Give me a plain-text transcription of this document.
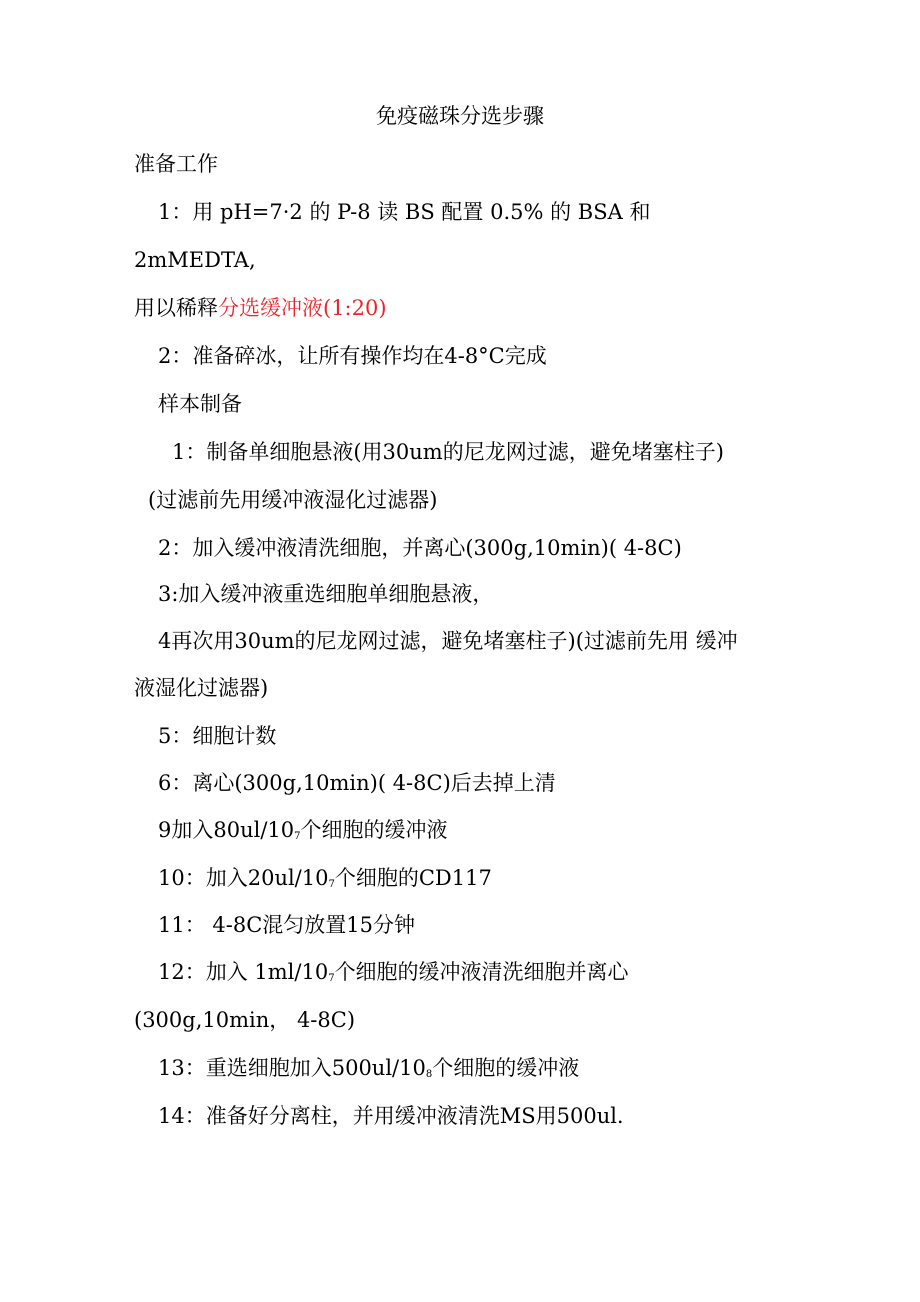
免疫磁珠分选步骤
准备工作
1：用 pH=7·2 的 P-8 读 BS 配置 0.5% 的 BSA 和
2mMEDTA,
用以稀释分选缓冲液(1:20)
2：准备碎冰，让所有操作均在4-8°C完成
样本制备
1：制备单细胞悬液(用30um的尼龙网过滤，避免堵塞柱子)
(过滤前先用缓冲液湿化过滤器)
2：加入缓冲液清洗细胞，并离心(300g,10min)( 4-8C)
3:加入缓冲液重选细胞单细胞悬液，
4再次用30um的尼龙网过滤，避免堵塞柱子)(过滤前先用 缓冲
液湿化过滤器)
5：细胞计数
6：离心(300g,10min)( 4-8C)后去掉上清
9加入$80ul/10_7$个细胞的缓冲液
10：加入$20ul/10_7$个细胞的CD117
11： 4-8C混匀放置15分钟
12：加入 $1ml/10_7$个细胞的缓冲液清洗细胞并离心
(300g,10min， 4-8C)
13：重选细胞加入$500ul/10_8$个细胞的缓冲液
14：准备好分离柱，并用缓冲液清洗MS用500ul.
